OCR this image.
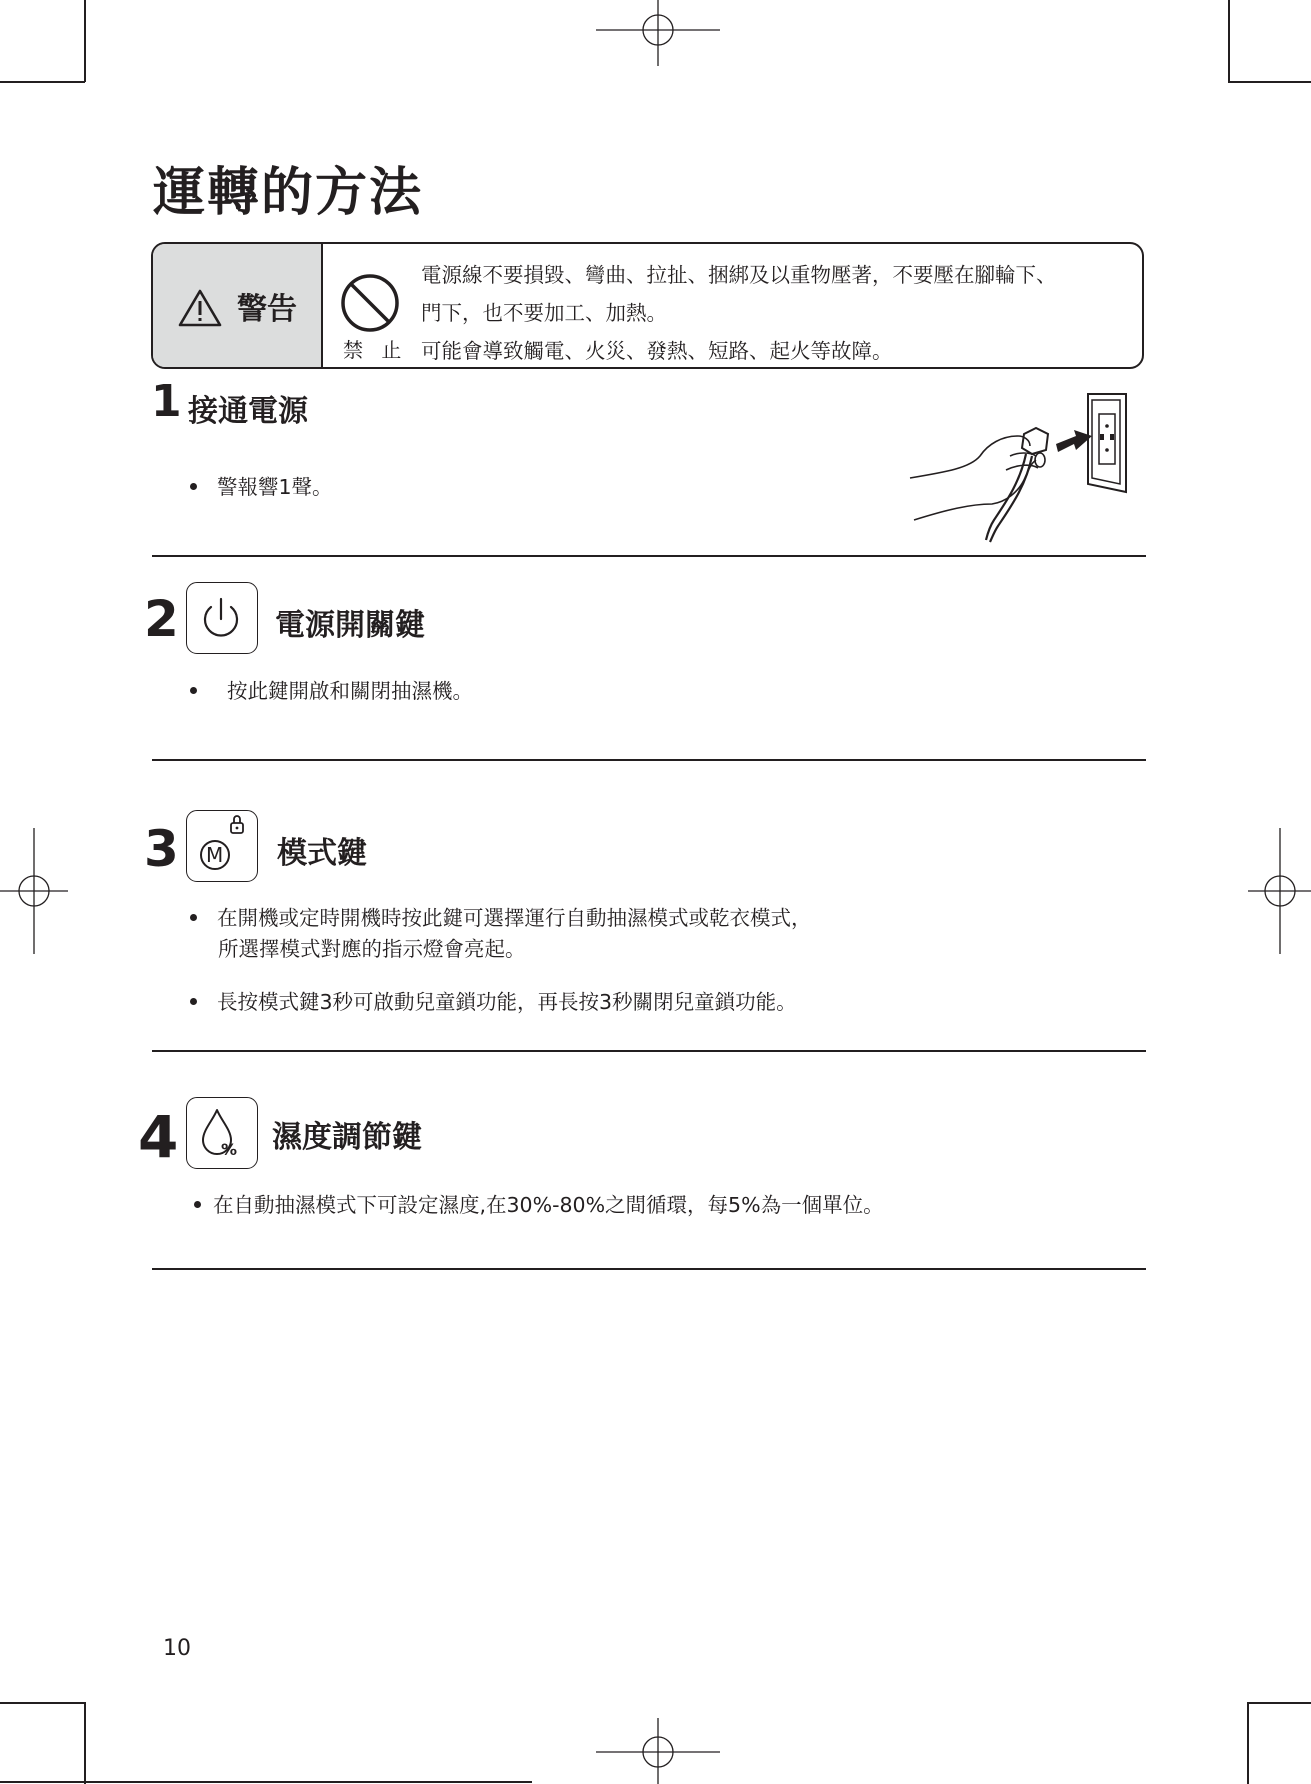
運轉的方法
警告
禁 止
電源線不要損毀、彎曲、拉扯、捆綁及以重物壓著，不要壓在腳輪下、
門下，也不要加工、加熱。
可能會導致觸電、火災、發熱、短路、起火等故障。
1 接通電源
警報響1聲。
2	電源開關鍵
按此鍵開啟和關閉抽濕機。
3 M 模式鍵
在開機或定時開機時按此鍵可選擇運行自動抽濕模式或乾衣模式，
所選擇模式對應的指示燈會亮起。
長按模式鍵3秒可啟動兒童鎖功能，再長按3秒關閉兒童鎖功能。
4	% 濕度調節鍵
在自動抽濕模式下可設定濕度,在30%-80%之間循環，每5%為一個單位。
10
